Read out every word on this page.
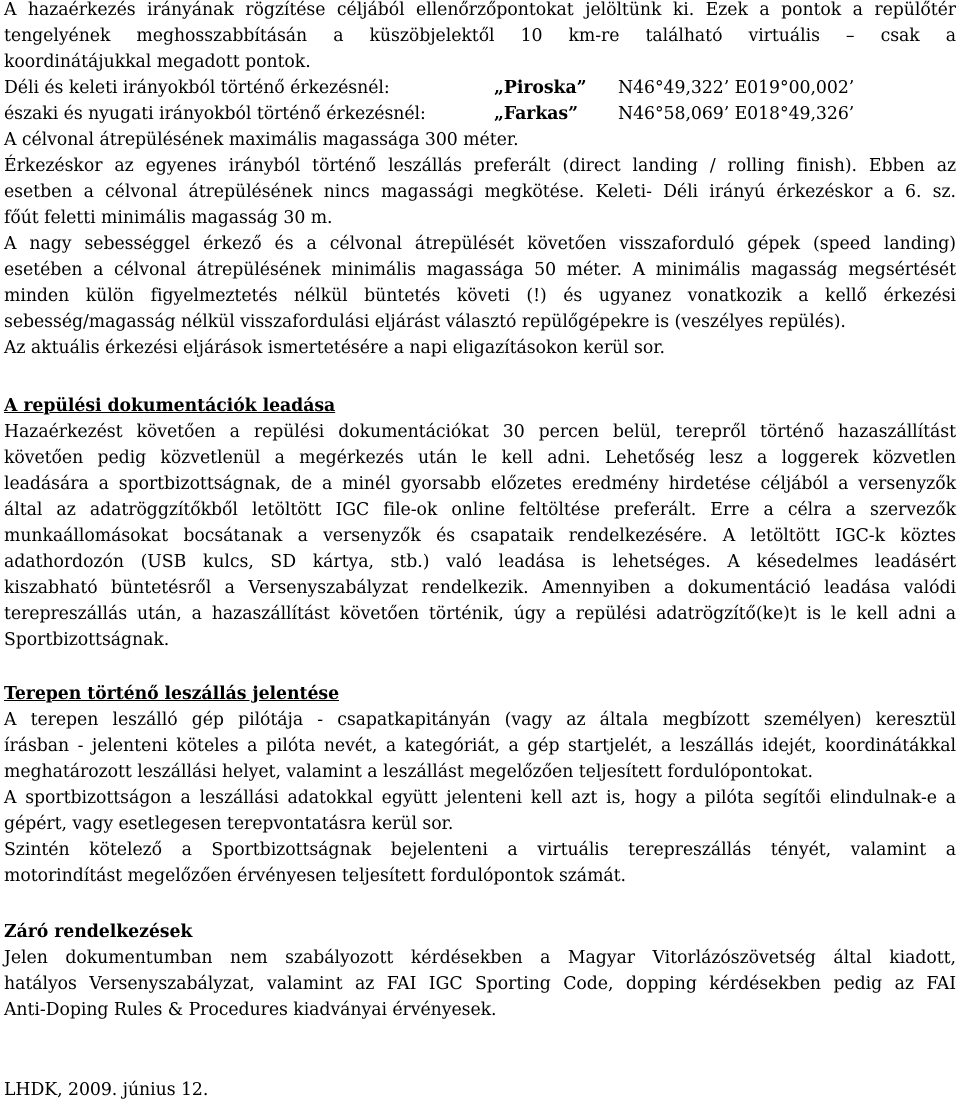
A hazaérkezés irányának rögzítése céljából ellenőrzőpontokat jelöltünk ki. Ezek a pontok a repülőtér
tengelyének meghosszabbításán a küszöbjelektől 10 km-re található virtuális – csak a
koordinátájukkal megadott pontok.
Déli és keleti irányokból történő érkezésnél:	„Piroska” N46°49,322’ E019°00,002’
északi és nyugati irányokból történő érkezésnél:	„Farkas” N46°58,069’ E018°49,326’
A célvonal átrepülésének maximális magassága 300 méter.
Érkezéskor az egyenes irányból történő leszállás preferált (direct landing / rolling finish). Ebben az
esetben a célvonal átrepülésének nincs magassági megkötése. Keleti- Déli irányú érkezéskor a 6. sz.
főút feletti minimális magasság 30 m.
A nagy sebességgel érkező és a célvonal átrepülését követően visszaforduló gépek (speed landing)
esetében a célvonal átrepülésének minimális magassága 50 méter. A minimális magasság megsértését
minden külön figyelmeztetés nélkül büntetés követi (!) és ugyanez vonatkozik a kellő érkezési
sebesség/magasság nélkül visszafordulási eljárást választó repülőgépekre is (veszélyes repülés).
Az aktuális érkezési eljárások ismertetésére a napi eligazításokon kerül sor.
A repülési dokumentációk leadása
Hazaérkezést követően a repülési dokumentációkat 30 percen belül, terepről történő hazaszállítást
követően pedig közvetlenül a megérkezés után le kell adni. Lehetőség lesz a loggerek közvetlen
leadására a sportbizottságnak, de a minél gyorsabb előzetes eredmény hirdetése céljából a versenyzők
által az adatröggzítőkből letöltött IGC file-ok online feltöltése preferált. Erre a célra a szervezők
munkaállomásokat bocsátanak a versenyzők és csapataik rendelkezésére. A letöltött IGC-k köztes
adathordozón (USB kulcs, SD kártya, stb.) való leadása is lehetséges. A késedelmes leadásért
kiszabható büntetésről a Versenyszabályzat rendelkezik. Amennyiben a dokumentáció leadása valódi
terepreszállás után, a hazaszállítást követően történik, úgy a repülési adatrögzítő(ke)t is le kell adni a
Sportbizottságnak.
Terepen történő leszállás jelentése
A terepen leszálló gép pilótája - csapatkapitányán (vagy az általa megbízott személyen) keresztül
írásban - jelenteni köteles a pilóta nevét, a kategóriát, a gép startjelét, a leszállás idejét, koordinátákkal
meghatározott leszállási helyet, valamint a leszállást megelőzően teljesített fordulópontokat.
A sportbizottságon a leszállási adatokkal együtt jelenteni kell azt is, hogy a pilóta segítői elindulnak-e a
gépért, vagy esetlegesen terepvontatásra kerül sor.
Szintén kötelező a Sportbizottságnak bejelenteni a virtuális terepreszállás tényét, valamint a
motorindítást megelőzően érvényesen teljesített fordulópontok számát.
Záró rendelkezések
Jelen dokumentumban nem szabályozott kérdésekben a Magyar Vitorlázószövetség által kiadott,
hatályos Versenyszabályzat, valamint az FAI IGC Sporting Code, dopping kérdésekben pedig az FAI
Anti-Doping Rules & Procedures kiadványai érvényesek.
LHDK, 2009. június 12.
